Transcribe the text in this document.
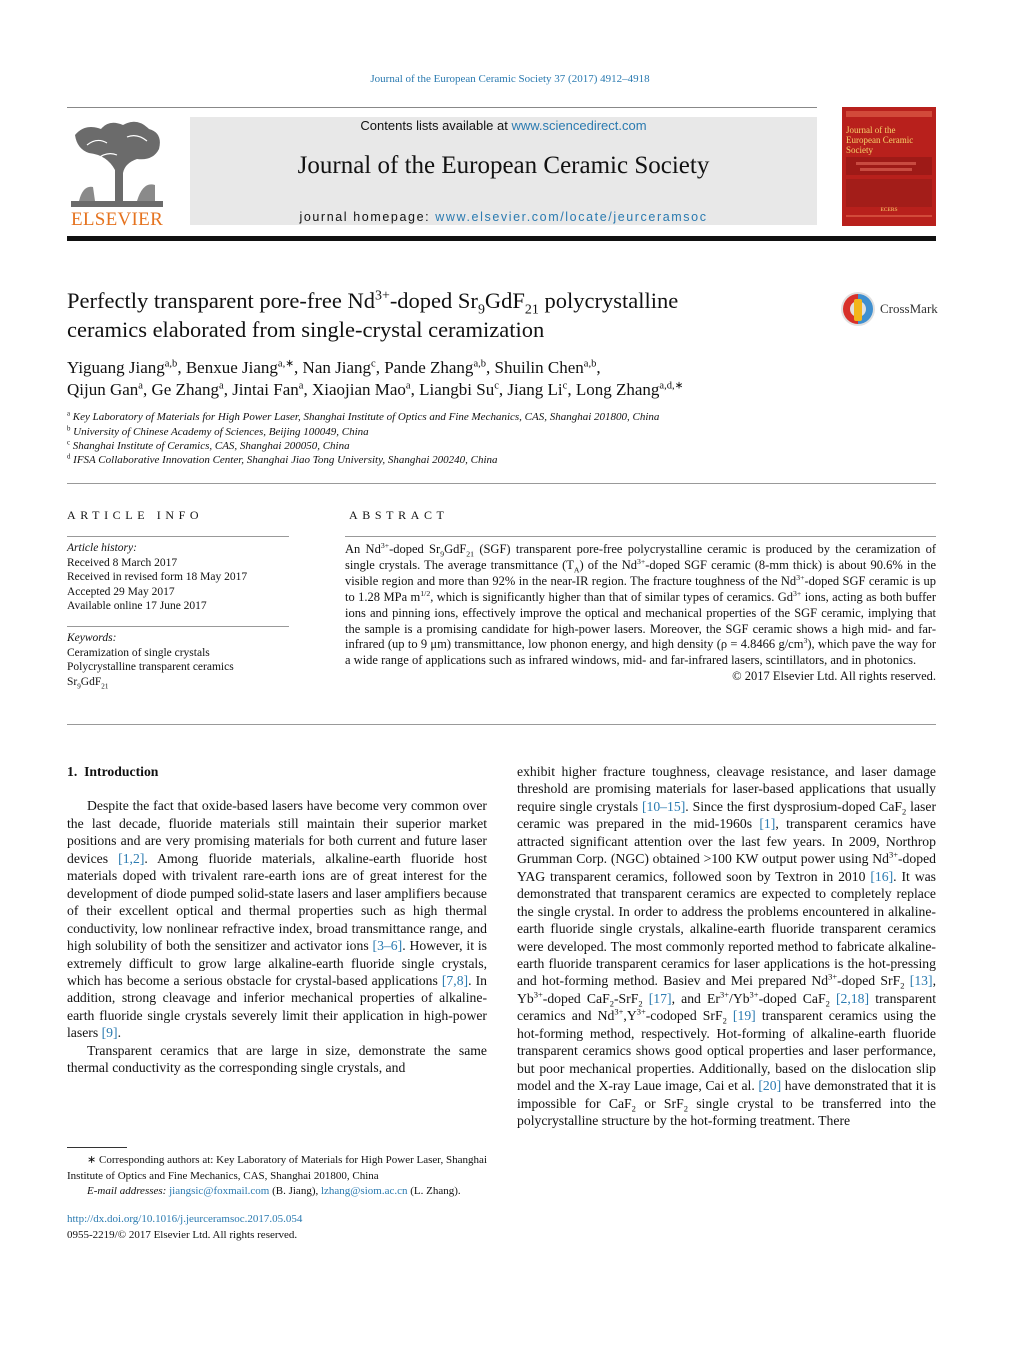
Journal of the European Ceramic Society 37 (2017) 4912–4918
ELSEVIER
Contents lists available at www.sciencedirect.com
Journal of the European Ceramic Society
journal homepage: www.elsevier.com/locate/jeurceramsoc
Journal of the European Ceramic Society
ECERS
Perfectly transparent pore-free $Nd^{3+}$-doped $Sr_9GdF_{21}$ polycrystalline
ceramics elaborated from single-crystal ceramization
CrossMark
Yiguang Jiang$^{a,b}$, Benxue Jiang$^{a,∗}$, Nan Jiang$^c$, Pande Zhang$^{a,b}$, Shuilin Chen$^{a,b}$,
Qijun Gan$^a$, Ge Zhang$^a$, Jintai Fan$^a$, Xiaojian Mao$^a$, Liangbi Su$^c$, Jiang Li$^c$, Long Zhang$^{a,d,∗}$
$^a$ Key Laboratory of Materials for High Power Laser, Shanghai Institute of Optics and Fine Mechanics, CAS, Shanghai 201800, China
$^b$ University of Chinese Academy of Sciences, Beijing 100049, China
$^c$ Shanghai Institute of Ceramics, CAS, Shanghai 200050, China
$^d$ IFSA Collaborative Innovation Center, Shanghai Jiao Tong University, Shanghai 200240, China
ARTICLE INFO
Article history:
Received 8 March 2017
Received in revised form 18 May 2017
Accepted 29 May 2017
Available online 17 June 2017
Keywords:
Ceramization of single crystals
Polycrystalline transparent ceramics
$Sr_9GdF_{21}$
ABSTRACT
An $Nd^{3+}$-doped $Sr_9GdF_{21}$ (SGF) transparent pore-free polycrystalline ceramic is produced by the ceramization of single crystals. The average transmittance $(T_A)$ of the $Nd^{3+}$-doped SGF ceramic (8-mm thick) is about 90.6% in the visible region and more than 92% in the near-IR region. The fracture toughness of the $Nd^{3+}$-doped SGF ceramic is up to 1.28 MPa $m^{1/2}$, which is significantly higher than that of similar types of ceramics. $Gd^{3+}$ ions, acting as both buffer ions and pinning ions, effectively improve the optical and mechanical properties of the SGF ceramic, implying that the sample is a promising candidate for high-power lasers. Moreover, the SGF ceramic shows a high mid- and far-infrared (up to 9 μm) transmittance, low phonon energy, and high density (ρ = 4.8466 $g/cm^3$), which pave the way for a wide range of applications such as infrared windows, mid- and far-infrared lasers, scintillators, and in photonics.
© 2017 Elsevier Ltd. All rights reserved.
1. Introduction

Despite the fact that oxide-based lasers have become very common over the last decade, fluoride materials still maintain their superior market positions and are very promising materials for both current and future laser devices [1,2]. Among fluoride materials, alkaline-earth fluoride host materials doped with trivalent rare-earth ions are of great interest for the development of diode pumped solid-state lasers and laser amplifiers because of their excellent optical and thermal properties such as high thermal conductivity, low nonlinear refractive index, broad transmittance range, and high solubility of both the sensitizer and activator ions [3–6]. However, it is extremely difficult to grow large alkaline-earth fluoride single crystals, which has become a serious obstacle for crystal-based applications [7,8]. In addition, strong cleavage and inferior mechanical properties of alkaline-earth fluoride single crystals severely limit their application in high-power lasers [9].

Transparent ceramics that are large in size, demonstrate the same thermal conductivity as the corresponding single crystals, and

∗ Corresponding authors at: Key Laboratory of Materials for High Power Laser, Shanghai Institute of Optics and Fine Mechanics, CAS, Shanghai 201800, China
E-mail addresses: jiangsic@foxmail.com (B. Jiang), lzhang@siom.ac.cn (L. Zhang).
http://dx.doi.org/10.1016/j.jeurceramsoc.2017.05.054
0955-2219/© 2017 Elsevier Ltd. All rights reserved.

exhibit higher fracture toughness, cleavage resistance, and laser damage threshold are promising materials for laser-based applications that usually require single crystals [10–15]. Since the first dysprosium-doped CaF$_2$ laser ceramic was prepared in the mid-1960s [1], transparent ceramics have attracted significant attention over the last few years. In 2009, Northrop Grumman Corp. (NGC) obtained >100 KW output power using $Nd^{3+}$-doped YAG transparent ceramics, followed soon by Textron in 2010 [16]. It was demonstrated that transparent ceramics are expected to completely replace the single crystal. In order to address the problems encountered in alkaline-earth fluoride single crystals, alkaline-earth fluoride transparent ceramics were developed. The most commonly reported method to fabricate alkaline-earth fluoride transparent ceramics for laser applications is the hot-pressing and hot-forming method. Basiev and Mei prepared $Nd^{3+}$-doped SrF$_2$ [13], $Yb^{3+}$-doped CaF$_2$-SrF$_2$ [17], and $Er^{3+}/Yb^{3+}$-doped CaF$_2$ [2,18] transparent ceramics and $Nd^{3+},Y^{3+}$-codoped SrF$_2$ [19] transparent ceramics using the hot-forming method, respectively. Hot-forming of alkaline-earth fluoride transparent ceramics shows good optical properties and laser performance, but poor mechanical properties. Additionally, based on the dislocation slip model and the X-ray Laue image, Cai et al. [20] have demonstrated that it is impossible for CaF$_2$ or SrF$_2$ single crystal to be transferred into the polycrystalline structure by the hot-forming treatment. There
